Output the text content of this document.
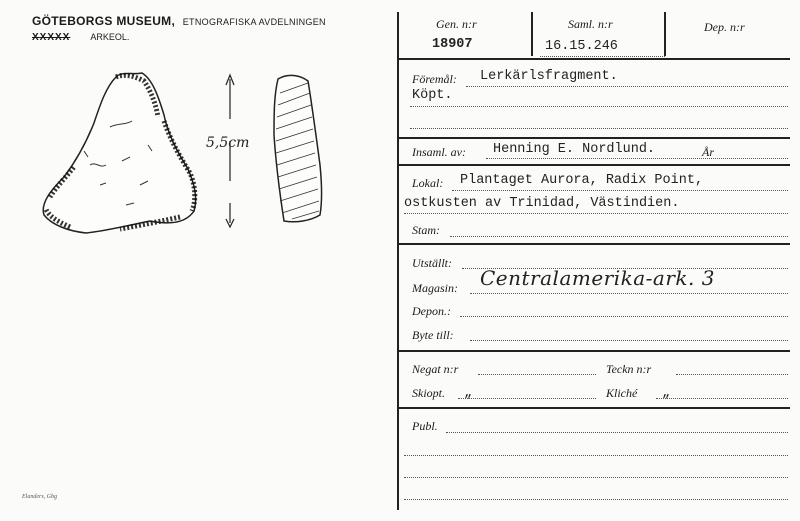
GÖTEBORGS MUSEUM, ETNOGRAFISKA AVDELNINGEN
XXXXX ARKEOL.
5,5cm
Elanders, Gbg
Gen. n:r
18907
Saml. n:r
16.15.246
Dep. n:r
Föremål: Lerkärlsfragment.
Köpt.
Insaml. av: Henning E. Nordlund.	År
Lokal: Plantaget Aurora, Radix Point,
ostkusten av Trinidad, Västindien.
Stam:
Utställt:
Magasin: Centralamerika-ark. 3
Depon.:
Byte till:
Negat n:r	Teckn n:r
Skiopt. „	Kliché „
Publ.
